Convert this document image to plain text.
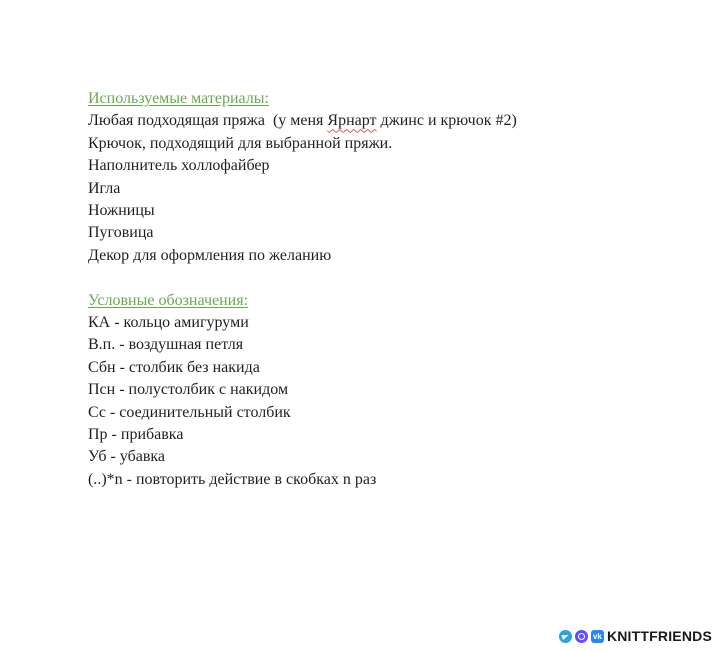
Используемые материалы:
Любая подходящая пряжа  (у меня Ярнарт джинс и крючок #2)
Крючок, подходящий для выбранной пряжи.
Наполнитель холлофайбер
Игла
Ножницы
Пуговица
Декор для оформления по желанию
Условные обозначения:
КА - кольцо амигуруми
В.п. - воздушная петля
Сбн - столбик без накида
Псн - полустолбик с накидом
Сс - соединительный столбик
Пр - прибавка
Уб - убавка
(..)*n - повторить действие в скобках n раз
vk KNITTFRIENDS
